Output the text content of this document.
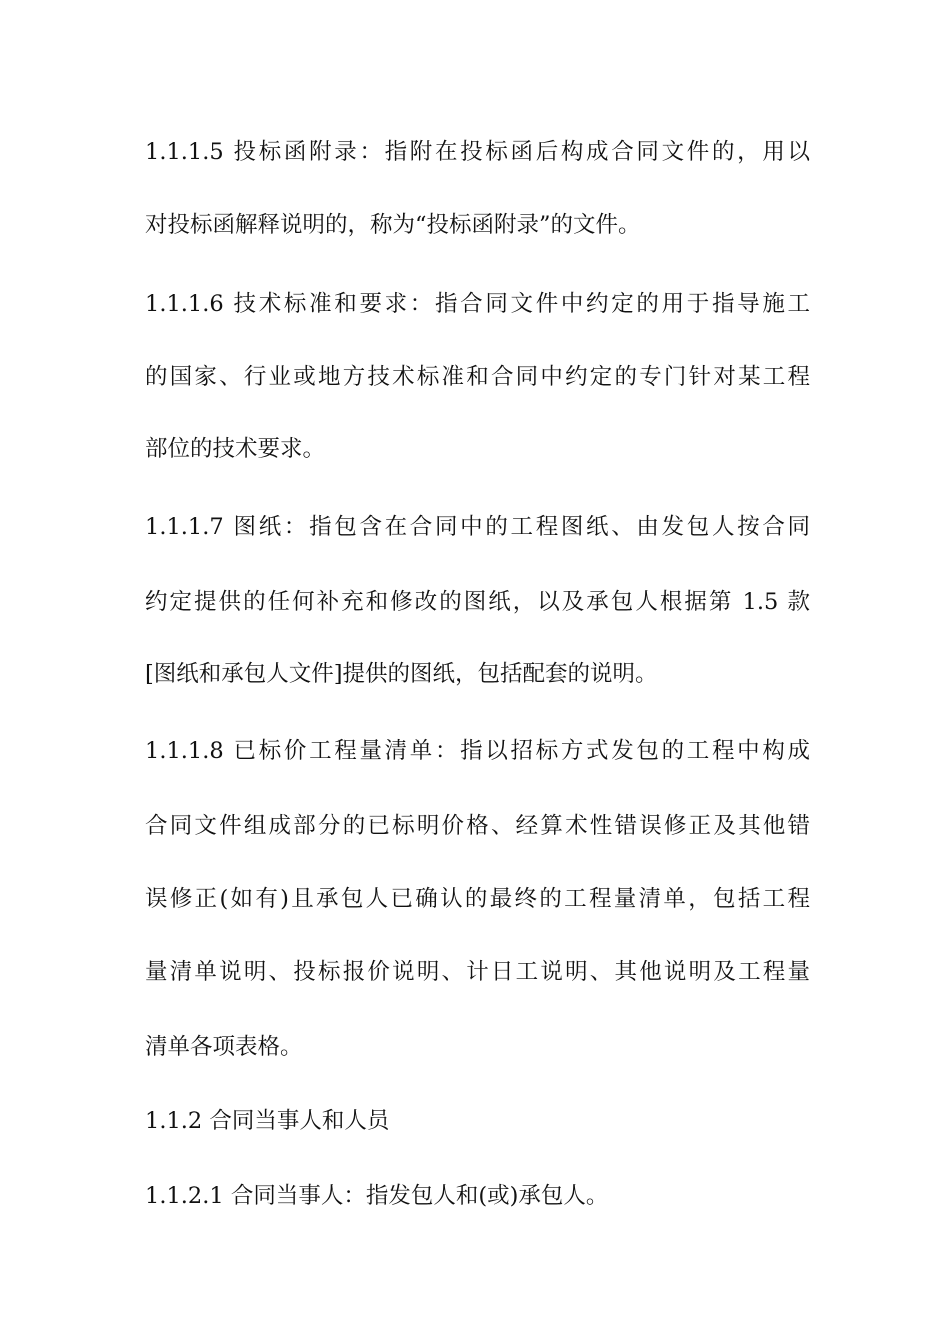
1.1.1.5 投标函附录：指附在投标函后构成合同文件的，用以
对投标函解释说明的，称为“投标函附录”的文件。
1.1.1.6 技术标准和要求：指合同文件中约定的用于指导施工
的国家、行业或地方技术标准和合同中约定的专门针对某工程
部位的技术要求。
1.1.1.7 图纸：指包含在合同中的工程图纸、由发包人按合同
约定提供的任何补充和修改的图纸，以及承包人根据第 1.5 款
[图纸和承包人文件]提供的图纸，包括配套的说明。
1.1.1.8 已标价工程量清单：指以招标方式发包的工程中构成
合同文件组成部分的已标明价格、经算术性错误修正及其他错
误修正(如有)且承包人已确认的最终的工程量清单，包括工程
量清单说明、投标报价说明、计日工说明、其他说明及工程量
清单各项表格。
1.1.2 合同当事人和人员
1.1.2.1 合同当事人：指发包人和(或)承包人。
